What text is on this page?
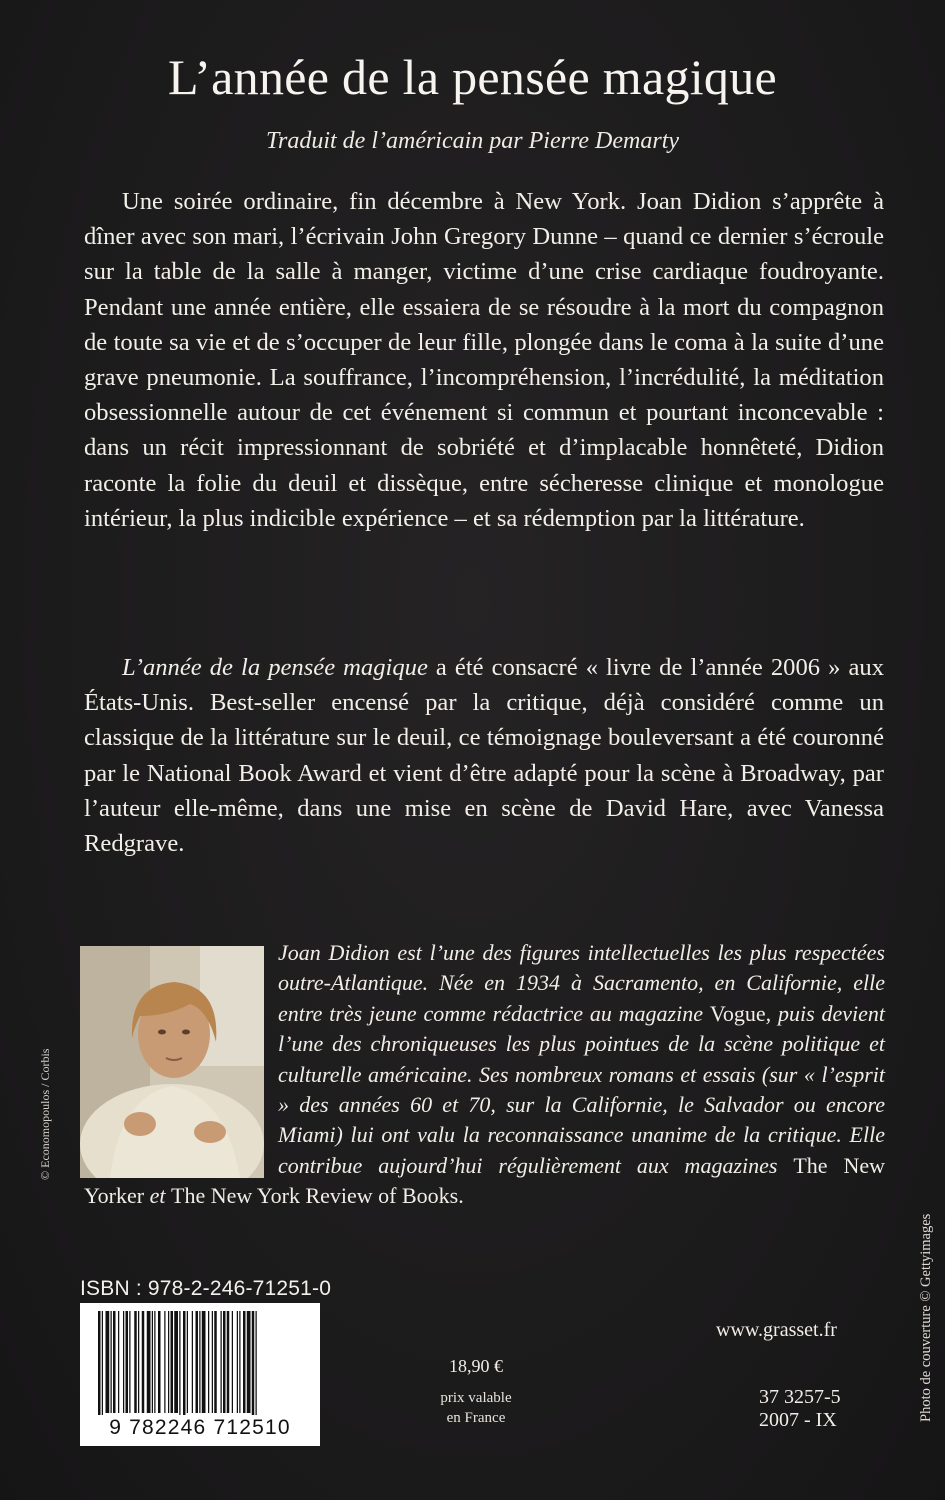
L’année de la pensée magique
Traduit de l’américain par Pierre Demarty

Une soirée ordinaire, fin décembre à New York. Joan Didion s’apprête à dîner avec son mari, l’écrivain John Gregory Dunne – quand ce dernier s’écroule sur la table de la salle à manger, victime d’une crise cardiaque foudroyante. Pendant une année entière, elle essaiera de se résoudre à la mort du compagnon de toute sa vie et de s’occuper de leur fille, plongée dans le coma à la suite d’une grave pneumonie. La souffrance, l’incompréhension, l’incrédulité, la méditation obsessionnelle autour de cet événement si commun et pourtant inconcevable : dans un récit impressionnant de sobriété et d’implacable honnêteté, Didion raconte la folie du deuil et dissèque, entre sécheresse clinique et monologue intérieur, la plus indicible expérience – et sa rédemption par la littérature.

L’année de la pensée magique a été consacré « livre de l’année 2006 » aux États-Unis. Best-seller encensé par la critique, déjà considéré comme un classique de la littérature sur le deuil, ce témoignage bouleversant a été couronné par le National Book Award et vient d’être adapté pour la scène à Broadway, par l’auteur elle-même, dans une mise en scène de David Hare, avec Vanessa Redgrave.

© Economopoulos / Corbis

Joan Didion est l’une des figures intellectuelles les plus respectées outre-Atlantique. Née en 1934 à Sacramento, en Californie, elle entre très jeune comme rédactrice au magazine Vogue, puis devient l’une des chroniqueuses les plus pointues de la scène politique et culturelle américaine. Ses nombreux romans et essais (sur « l’esprit » des années 60 et 70, sur la Californie, le Salvador ou encore Miami) lui ont valu la reconnaissance unanime de la critique. Elle contribue aujourd’hui régulièrement aux magazines The New Yorker et The New York Review of Books.

Photo de couverture © Gettyimages
ISBN : 978-2-246-71251-0
9 782246 712510
18,90 €
prix valable
en France
www.grasset.fr
37 3257-5
2007 - IX
